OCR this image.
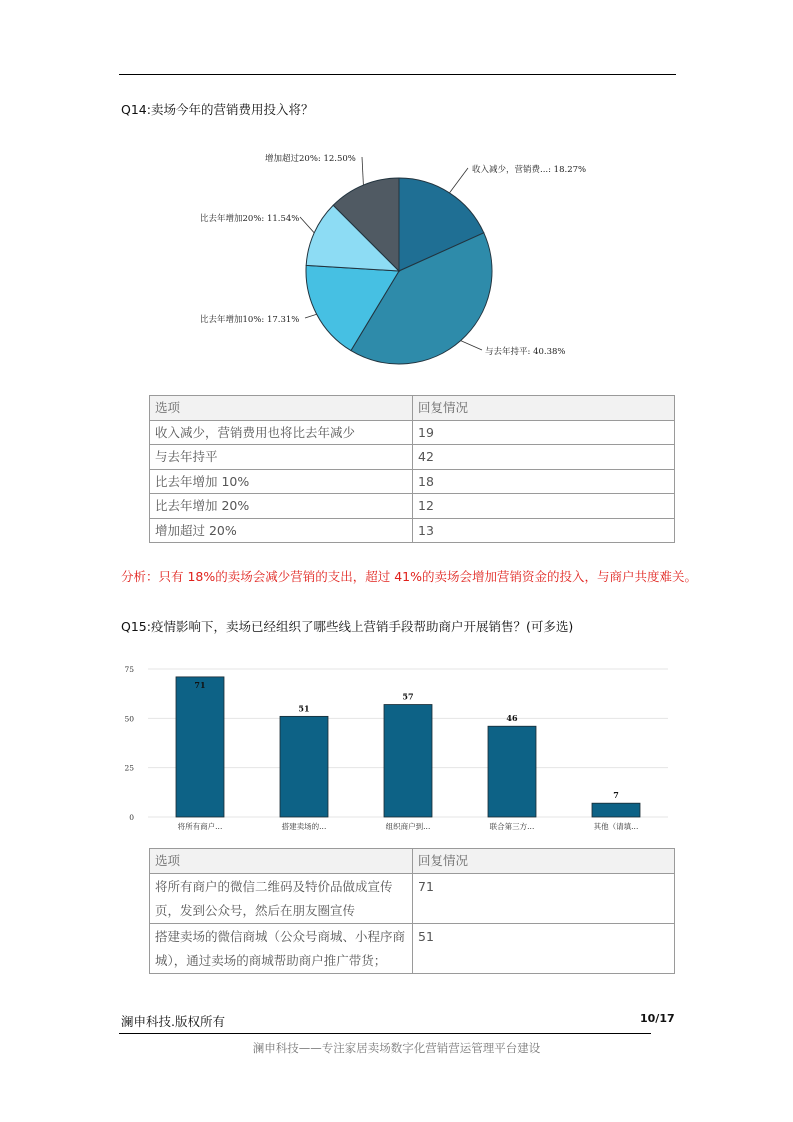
Q14:卖场今年的营销费用投入将？
收入减少，营销费...: 18.27%
与去年持平: 40.38%
比去年增加10%: 17.31%
比去年增加20%: 11.54%
增加超过20%: 12.50%
选项	回复情况
收入减少，营销费用也将比去年减少	19
与去年持平	42
比去年增加 10%	18
比去年增加 20%	12
增加超过 20%	13
分析：只有 18%的卖场会减少营销的支出，超过 41%的卖场会增加营销资金的投入，与商户共度难关。
Q15:疫情影响下，卖场已经组织了哪些线上营销手段帮助商户开展销售？(可多选)
0
25
50
75
71
将所有商户...
51
搭建卖场的...
57
组织商户到...
46
联合第三方...
7
其他（请填...
选项	回复情况
将所有商户的微信二维码及特价品做成宣传页，发到公众号，然后在朋友圈宣传	71
搭建卖场的微信商城（公众号商城、小程序商城），通过卖场的商城帮助商户推广带货；	51
澜申科技.版权所有	10/17
澜申科技——专注家居卖场数字化营销营运管理平台建设
